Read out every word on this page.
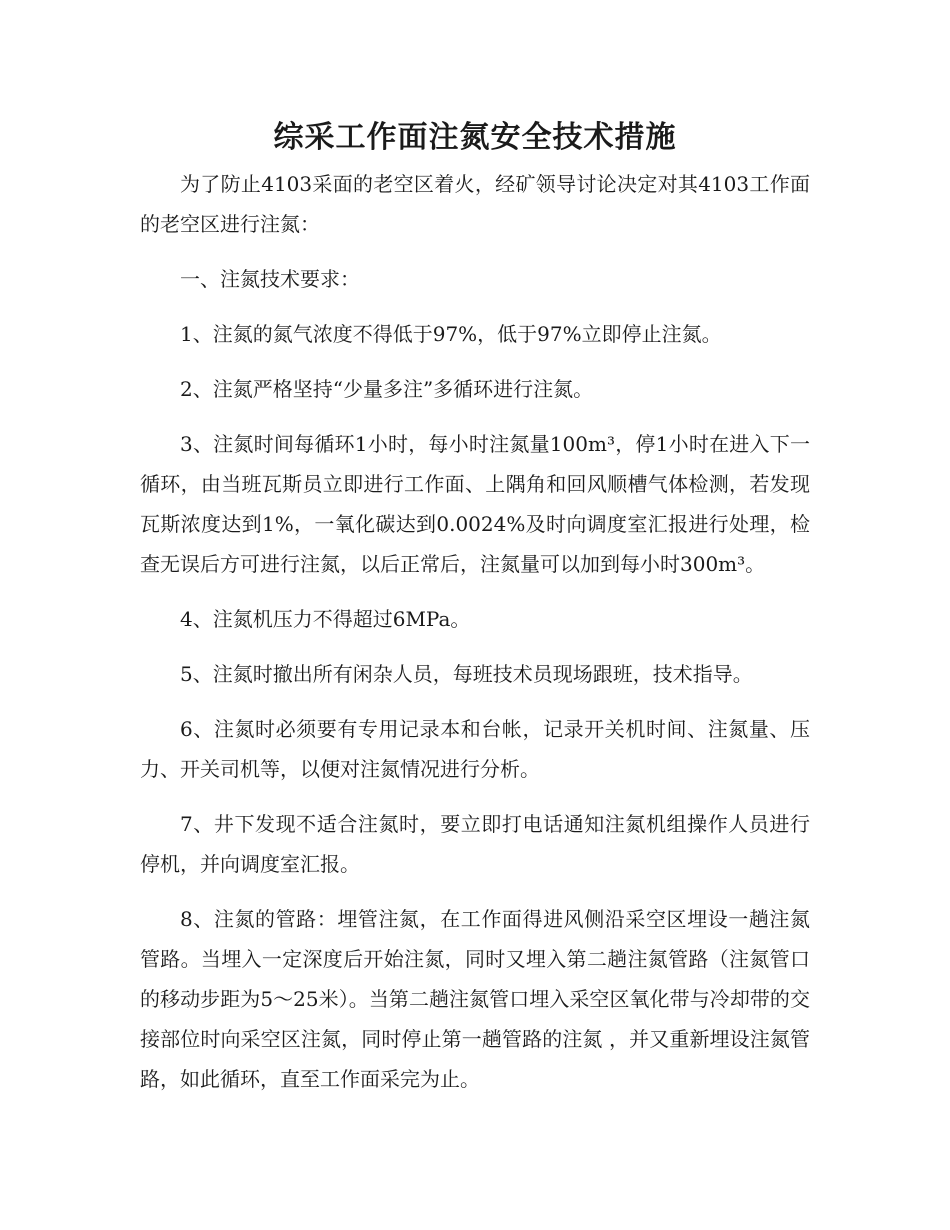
综采工作面注氮安全技术措施

为了防止4103采面的老空区着火，经矿领导讨论决定对其4103工作面的老空区进行注氮：

一、注氮技术要求：

1、注氮的氮气浓度不得低于97%，低于97%立即停止注氮。

2、注氮严格坚持“少量多注”多循环进行注氮。

3、注氮时间每循环1小时，每小时注氮量100m³，停1小时在进入下一循环，由当班瓦斯员立即进行工作面、上隅角和回风顺槽气体检测，若发现瓦斯浓度达到1%，一氧化碳达到0.0024%及时向调度室汇报进行处理，检查无误后方可进行注氮，以后正常后，注氮量可以加到每小时300m³。

4、注氮机压力不得超过6MPa。

5、注氮时撤出所有闲杂人员，每班技术员现场跟班，技术指导。

6、注氮时必须要有专用记录本和台帐，记录开关机时间、注氮量、压力、开关司机等，以便对注氮情况进行分析。

7、井下发现不适合注氮时，要立即打电话通知注氮机组操作人员进行停机，并向调度室汇报。

8、注氮的管路：埋管注氮，在工作面得进风侧沿采空区埋设一趟注氮管路。当埋入一定深度后开始注氮，同时又埋入第二趟注氮管路（注氮管口的移动步距为5～25米）。当第二趟注氮管口埋入采空区氧化带与冷却带的交接部位时向采空区注氮，同时停止第一趟管路的注氮 ，并又重新埋设注氮管路，如此循环，直至工作面采完为止。
